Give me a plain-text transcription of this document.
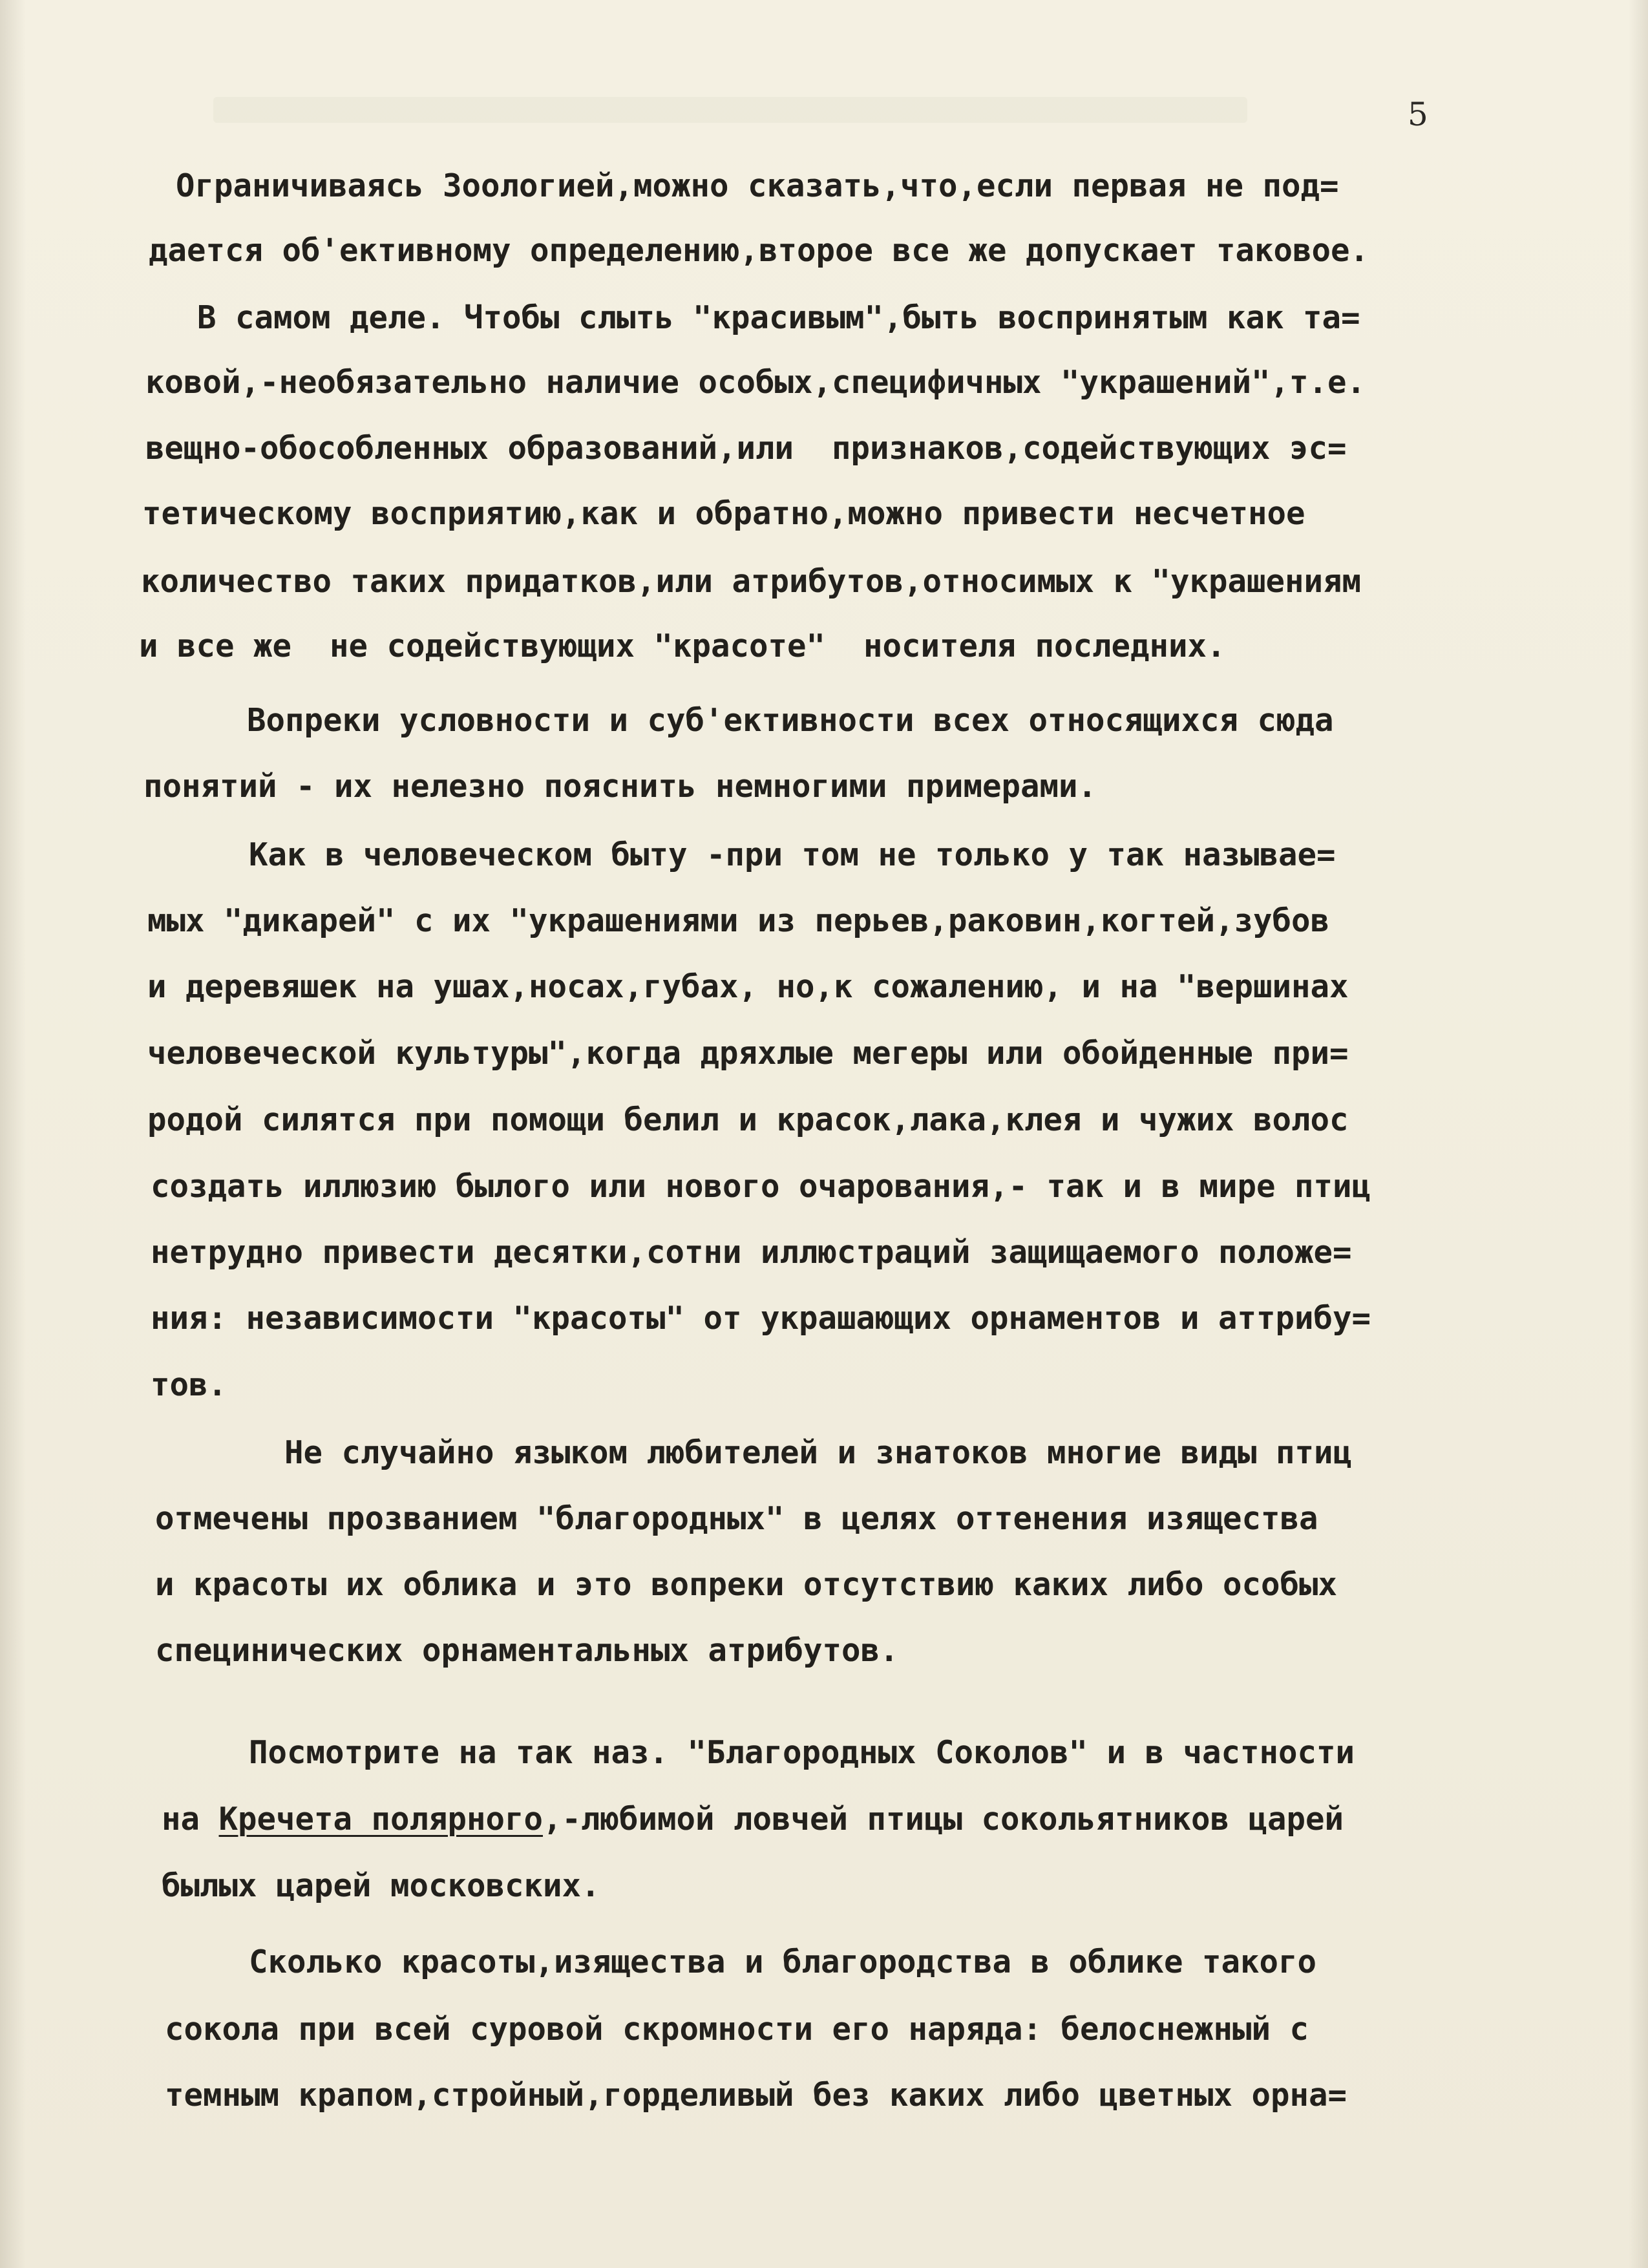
5
Ограничиваясь Зоологией,можно сказать,что,если первая не под=
дается об'ективному определению,второе все же допускает таковое.
В самом деле. Чтобы слыть "красивым",быть воспринятым как та=
ковой,-необязательно наличие особых,специфичных "украшений",т.е.
вещно-обособленных образований,или  признаков,содействующих эс=
тетическому восприятию,как и обратно,можно привести несчетное
количество таких придатков,или атрибутов,относимых к "украшениям
и все же  не содействующих "красоте"  носителя последних.
Вопреки условности и суб'ективности всех относящихся сюда
понятий - их нелезно пояснить немногими примерами.
Как в человеческом быту -при том не только у так называе=
мых "дикарей" с их "украшениями из перьев,раковин,когтей,зубов
и деревяшек на ушах,носах,губах, но,к сожалению, и на "вершинах
человеческой культуры",когда дряхлые мегеры или обойденные при=
родой силятся при помощи белил и красок,лака,клея и чужих волос
создать иллюзию былого или нового очарования,- так и в мире птиц
нетрудно привести десятки,сотни иллюстраций защищаемого положе=
ния: независимости "красоты" от украшающих орнаментов и аттрибу=
тов.
Не случайно языком любителей и знатоков многие виды птиц
отмечены прозванием "благородных" в целях оттенения изящества
и красоты их облика и это вопреки отсутствию каких либо особых
специнических орнаментальных атрибутов.
Посмотрите на так наз. "Благородных Соколов" и в частности
на Кречета полярного,-любимой ловчей птицы сокольятников царей
былых царей московских.
Сколько красоты,изящества и благородства в облике такого
сокола при всей суровой скромности его наряда: белоснежный с
темным крапом,стройный,горделивый без каких либо цветных орна=
